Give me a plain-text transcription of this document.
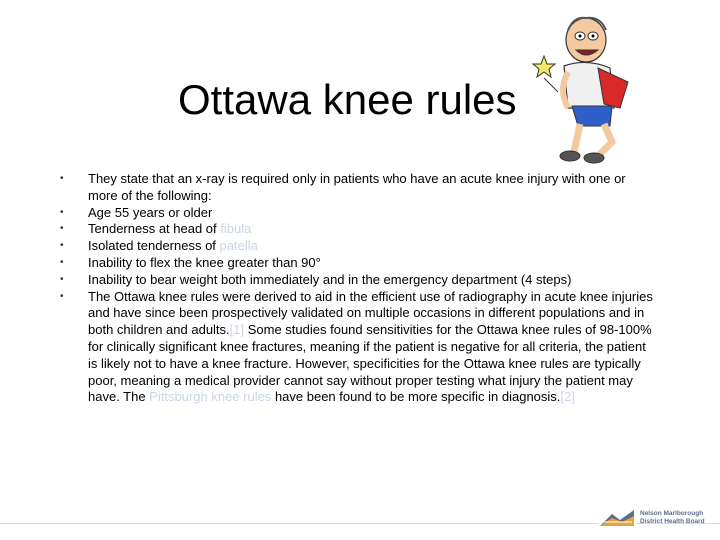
Ottawa knee rules
• They state that an x-ray is required only in patients who have an acute knee injury with one or more of the following:
• Age 55 years or older
• Tenderness at head of fibula
• Isolated tenderness of patella
• Inability to flex the knee greater than 90°
• Inability to bear weight both immediately and in the emergency department (4 steps)
• The Ottawa knee rules were derived to aid in the efficient use of radiography in acute knee injuries and have since been prospectively validated on multiple occasions in different populations and in both children and adults.[1] Some studies found sensitivities for the Ottawa knee rules of 98-100% for clinically significant knee fractures, meaning if the patient is negative for all criteria, the patient is likely not to have a knee fracture. However, specificities for the Ottawa knee rules are typically poor, meaning a medical provider cannot say without proper testing what injury the patient may have. The Pittsburgh knee rules have been found to be more specific in diagnosis.[2]
Nelson Marlborough
District Health Board
